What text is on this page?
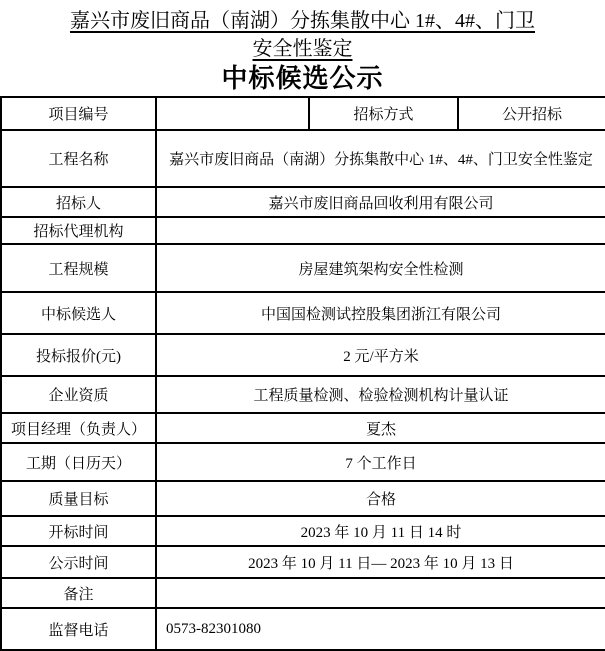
嘉兴市废旧商品（南湖）分拣集散中心 1#、4#、门卫
安全性鉴定
中标候选公示
项目编号		招标方式	公开招标
工程名称	嘉兴市废旧商品（南湖）分拣集散中心 1#、4#、门卫安全性鉴定		
招标人	嘉兴市废旧商品回收利用有限公司		
招标代理机构			
工程规模	房屋建筑架构安全性检测		
中标候选人	中国国检测试控股集团浙江有限公司		
投标报价(元)	2 元/平方米		
企业资质	工程质量检测、检验检测机构计量认证		
项目经理（负责人）	夏杰		
工期（日历天）	7 个工作日		
质量目标	合格		
开标时间	2023 年 10 月 11 日 14 时		
公示时间	2023 年 10 月 11 日— 2023 年 10 月 13 日		
备注			
监督电话	0573-82301080		
